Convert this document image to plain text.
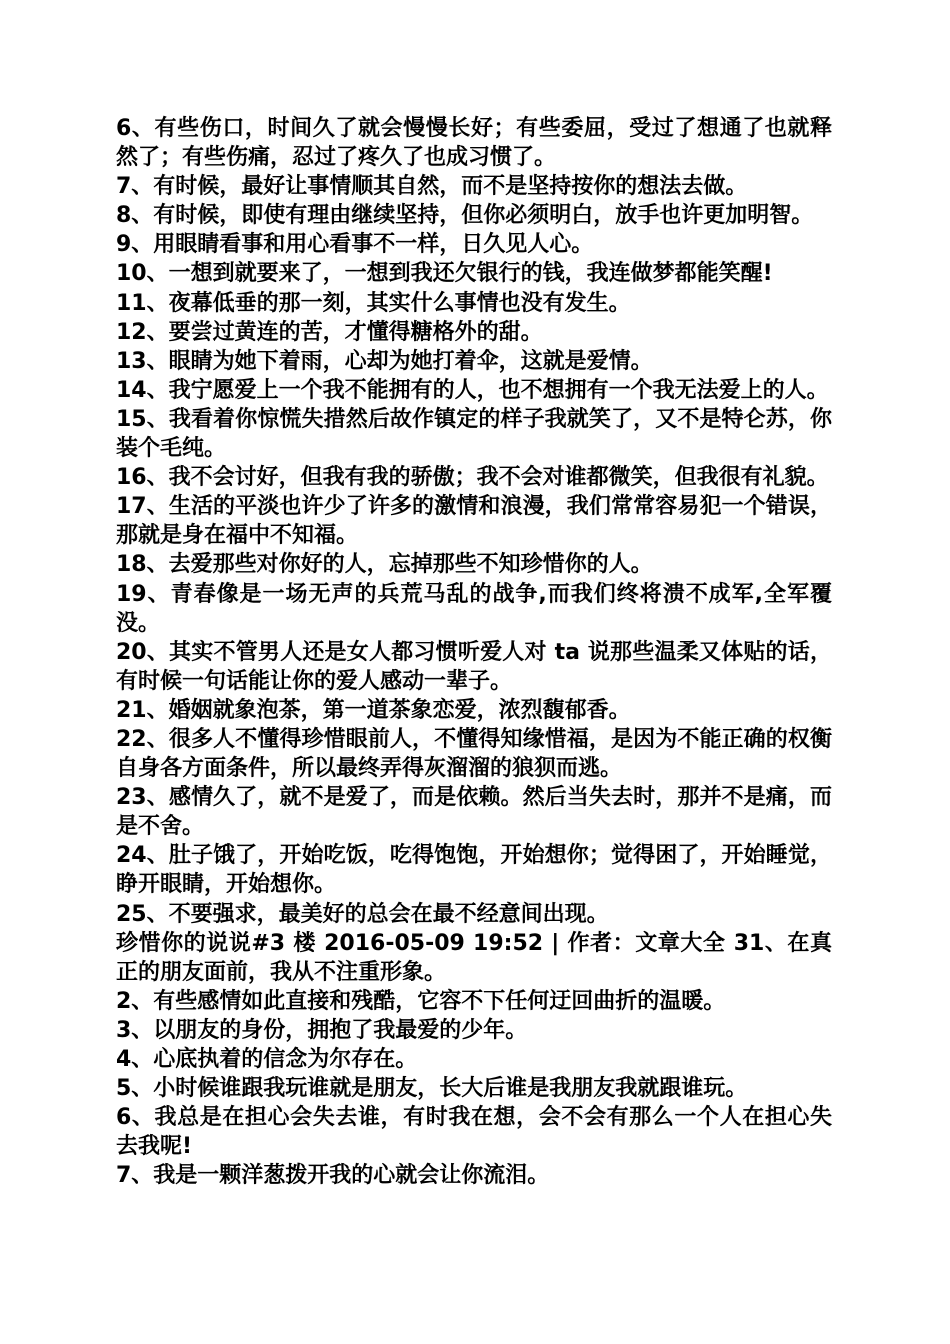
6、有些伤口，时间久了就会慢慢长好；有些委屈，受过了想通了也就释然了；有些伤痛，忍过了疼久了也成习惯了。

7、有时候，最好让事情顺其自然，而不是坚持按你的想法去做。

8、有时候，即使有理由继续坚持，但你必须明白，放手也许更加明智。

9、用眼睛看事和用心看事不一样，日久见人心。

10、一想到就要来了，一想到我还欠银行的钱，我连做梦都能笑醒!

11、夜幕低垂的那一刻，其实什么事情也没有发生。

12、要尝过黄连的苦，才懂得糖格外的甜。

13、眼睛为她下着雨，心却为她打着伞，这就是爱情。

14、我宁愿爱上一个我不能拥有的人，也不想拥有一个我无法爱上的人。

15、我看着你惊慌失措然后故作镇定的样子我就笑了，又不是特仑苏，你装个毛纯。

16、我不会讨好，但我有我的骄傲；我不会对谁都微笑，但我很有礼貌。

17、生活的平淡也许少了许多的激情和浪漫，我们常常容易犯一个错误，那就是身在福中不知福。

18、去爱那些对你好的人，忘掉那些不知珍惜你的人。

19、青春像是一场无声的兵荒马乱的战争,而我们终将溃不成军,全军覆没。

20、其实不管男人还是女人都习惯听爱人对 ta 说那些温柔又体贴的话，有时候一句话能让你的爱人感动一辈子。

21、婚姻就象泡茶，第一道茶象恋爱，浓烈馥郁香。

22、很多人不懂得珍惜眼前人，不懂得知缘惜福，是因为不能正确的权衡自身各方面条件，所以最终弄得灰溜溜的狼狈而逃。

23、感情久了，就不是爱了，而是依赖。然后当失去时，那并不是痛，而是不舍。

24、肚子饿了，开始吃饭，吃得饱饱，开始想你；觉得困了，开始睡觉，睁开眼睛，开始想你。

25、不要强求，最美好的总会在最不经意间出现。

珍惜你的说说#3 楼 2016-05-09 19:52 | 作者：文章大全 31、在真正的朋友面前，我从不注重形象。

2、有些感情如此直接和残酷，它容不下任何迂回曲折的温暖。

3、以朋友的身份，拥抱了我最爱的少年。

4、心底执着的信念为尔存在。

5、小时候谁跟我玩谁就是朋友，长大后谁是我朋友我就跟谁玩。

6、我总是在担心会失去谁，有时我在想，会不会有那么一个人在担心失去我呢!

7、我是一颗洋葱拨开我的心就会让你流泪。
